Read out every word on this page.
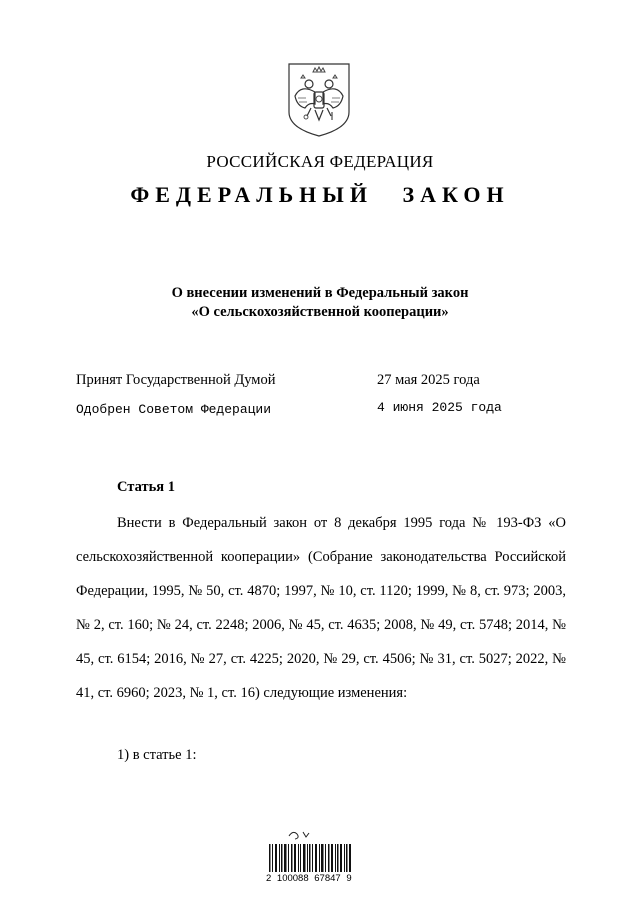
РОССИЙСКАЯ ФЕДЕРАЦИЯ
ФЕДЕРАЛЬНЫЙ ЗАКОН
О внесении изменений в Федеральный закон
«О сельскохозяйственной кооперации»
Принят Государственной Думой	27 мая 2025 года
Одобрен Советом Федерации	4 июня 2025 года
Статья 1

Внести в Федеральный закон от 8 декабря 1995 года № 193-ФЗ «О сельскохозяйственной кооперации» (Собрание законодательства Российской Федерации, 1995, № 50, ст. 4870; 1997, № 10, ст. 1120; 1999, № 8, ст. 973; 2003, № 2, ст. 160; № 24, ст. 2248; 2006, № 45, ст. 4635; 2008, № 49, ст. 5748; 2014, № 45, ст. 6154; 2016, № 27, ст. 4225; 2020, № 29, ст. 4506; № 31, ст. 5027; 2022, № 41, ст. 6960; 2023, № 1, ст. 16) следующие изменения:

1) в статье 1:
2 100088 67847 9
